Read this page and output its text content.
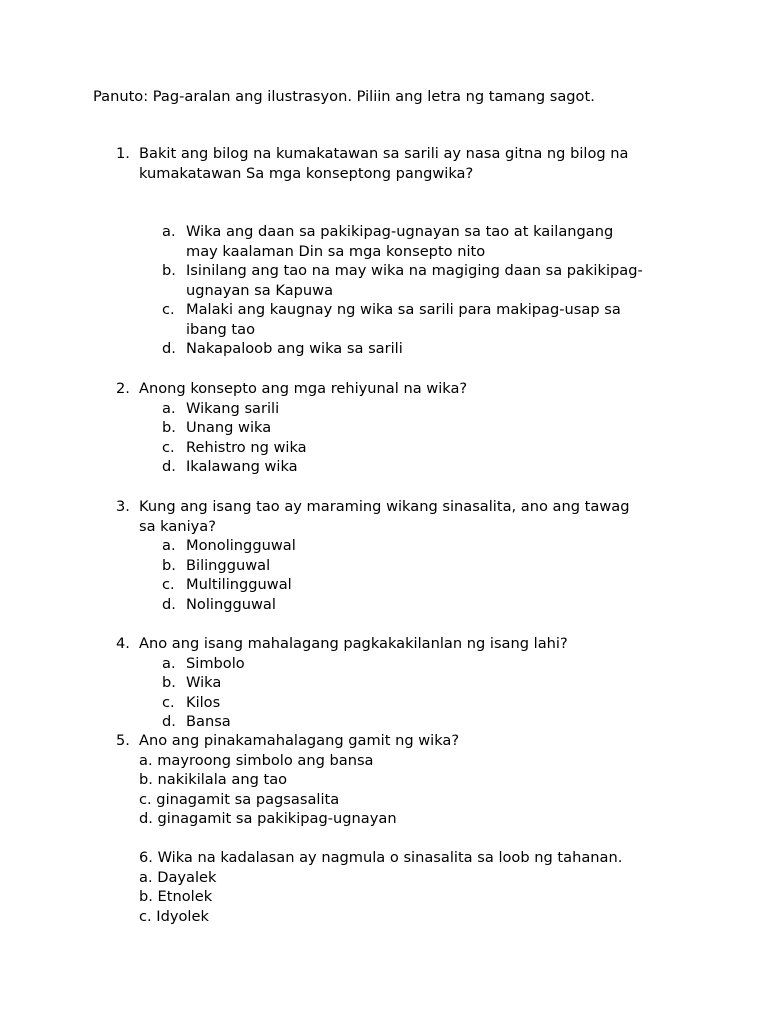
Panuto: Pag-aralan ang ilustrasyon. Piliin ang letra ng tamang sagot.
1. Bakit ang bilog na kumakatawan sa sarili ay nasa gitna ng bilog na
kumakatawan Sa mga konseptong pangwika?
a. Wika ang daan sa pakikipag-ugnayan sa tao at kailangang
may kaalaman Din sa mga konsepto nito
b. Isinilang ang tao na may wika na magiging daan sa pakikipag-
ugnayan sa Kapuwa
c. Malaki ang kaugnay ng wika sa sarili para makipag-usap sa
ibang tao
d. Nakapaloob ang wika sa sarili
2. Anong konsepto ang mga rehiyunal na wika?
a. Wikang sarili
b. Unang wika
c. Rehistro ng wika
d. Ikalawang wika
3. Kung ang isang tao ay maraming wikang sinasalita, ano ang tawag
sa kaniya?
a. Monolingguwal
b. Bilingguwal
c. Multilingguwal
d. Nolingguwal
4. Ano ang isang mahalagang pagkakakilanlan ng isang lahi?
a. Simbolo
b. Wika
c. Kilos
d. Bansa
5. Ano ang pinakamahalagang gamit ng wika?
a. mayroong simbolo ang bansa
b. nakikilala ang tao
c. ginagamit sa pagsasalita
d. ginagamit sa pakikipag-ugnayan
6. Wika na kadalasan ay nagmula o sinasalita sa loob ng tahanan.
a. Dayalek
b. Etnolek
c. Idyolek
